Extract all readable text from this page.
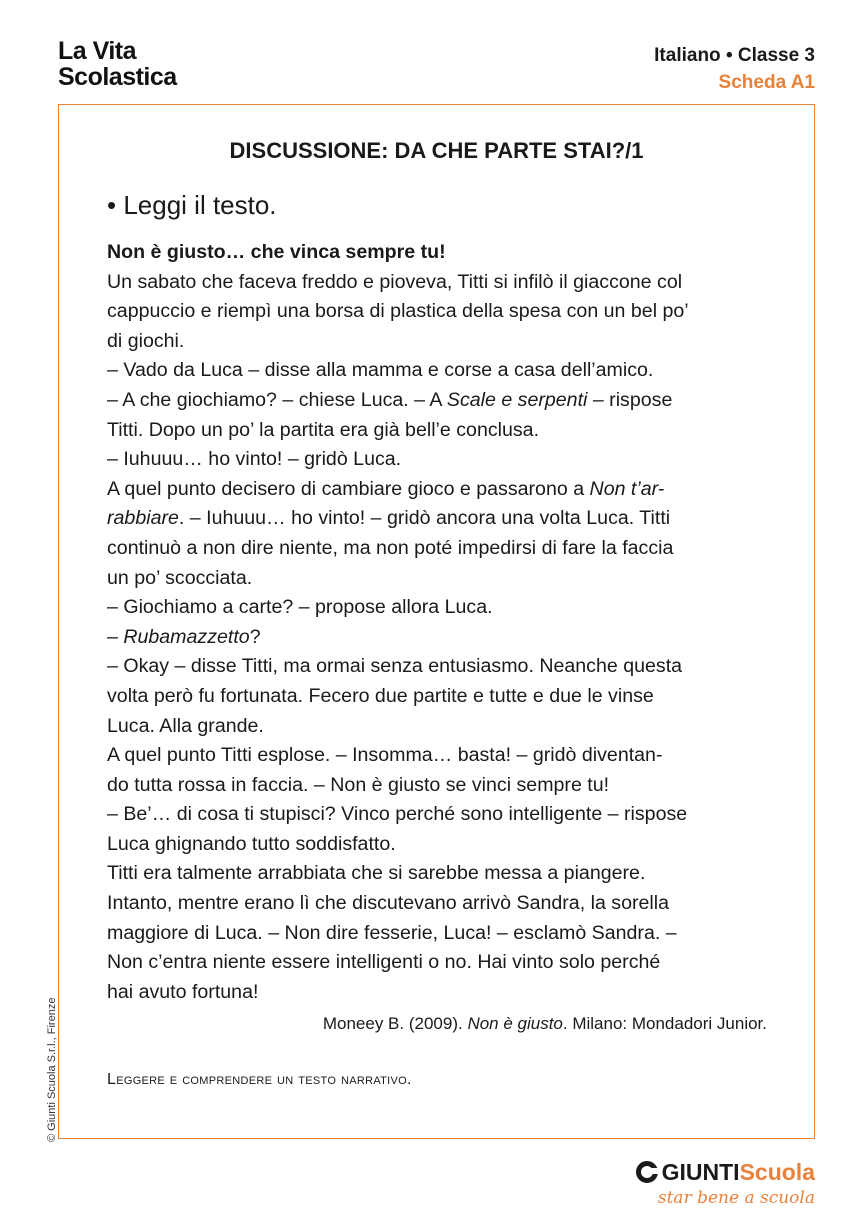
La Vita
Scolastica
Italiano • Classe 3
Scheda A1
DISCUSSIONE: DA CHE PARTE STAI?/1
• Leggi il testo.
Non è giusto… che vinca sempre tu!
Un sabato che faceva freddo e pioveva, Titti si infilò il giaccone col
cappuccio e riempì una borsa di plastica della spesa con un bel po’
di giochi.
– Vado da Luca – disse alla mamma e corse a casa dell’amico.
– A che giochiamo? – chiese Luca. – A Scale e serpenti – rispose
Titti. Dopo un po’ la partita era già bell’e conclusa.
– Iuhuuu… ho vinto! – gridò Luca.
A quel punto decisero di cambiare gioco e passarono a Non t’ar-
rabbiare. – Iuhuuu… ho vinto! – gridò ancora una volta Luca. Titti
continuò a non dire niente, ma non poté impedirsi di fare la faccia
un po’ scocciata.
– Giochiamo a carte? – propose allora Luca.
– Rubamazzetto?
– Okay – disse Titti, ma ormai senza entusiasmo. Neanche questa
volta però fu fortunata. Fecero due partite e tutte e due le vinse
Luca. Alla grande.
A quel punto Titti esplose. – Insomma… basta! – gridò diventan-
do tutta rossa in faccia. – Non è giusto se vinci sempre tu!
– Be’… di cosa ti stupisci? Vinco perché sono intelligente – rispose
Luca ghignando tutto soddisfatto.
Titti era talmente arrabbiata che si sarebbe messa a piangere.
Intanto, mentre erano lì che discutevano arrivò Sandra, la sorella
maggiore di Luca. – Non dire fesserie, Luca! – esclamò Sandra. –
Non c’entra niente essere intelligenti o no. Hai vinto solo perché
hai avuto fortuna!
Moneey B. (2009). Non è giusto. Milano: Mondadori Junior.
Leggere e comprendere un testo narrativo.
© Giunti Scuola S.r.l., Firenze
GIUNTIScuola
star bene a scuola
